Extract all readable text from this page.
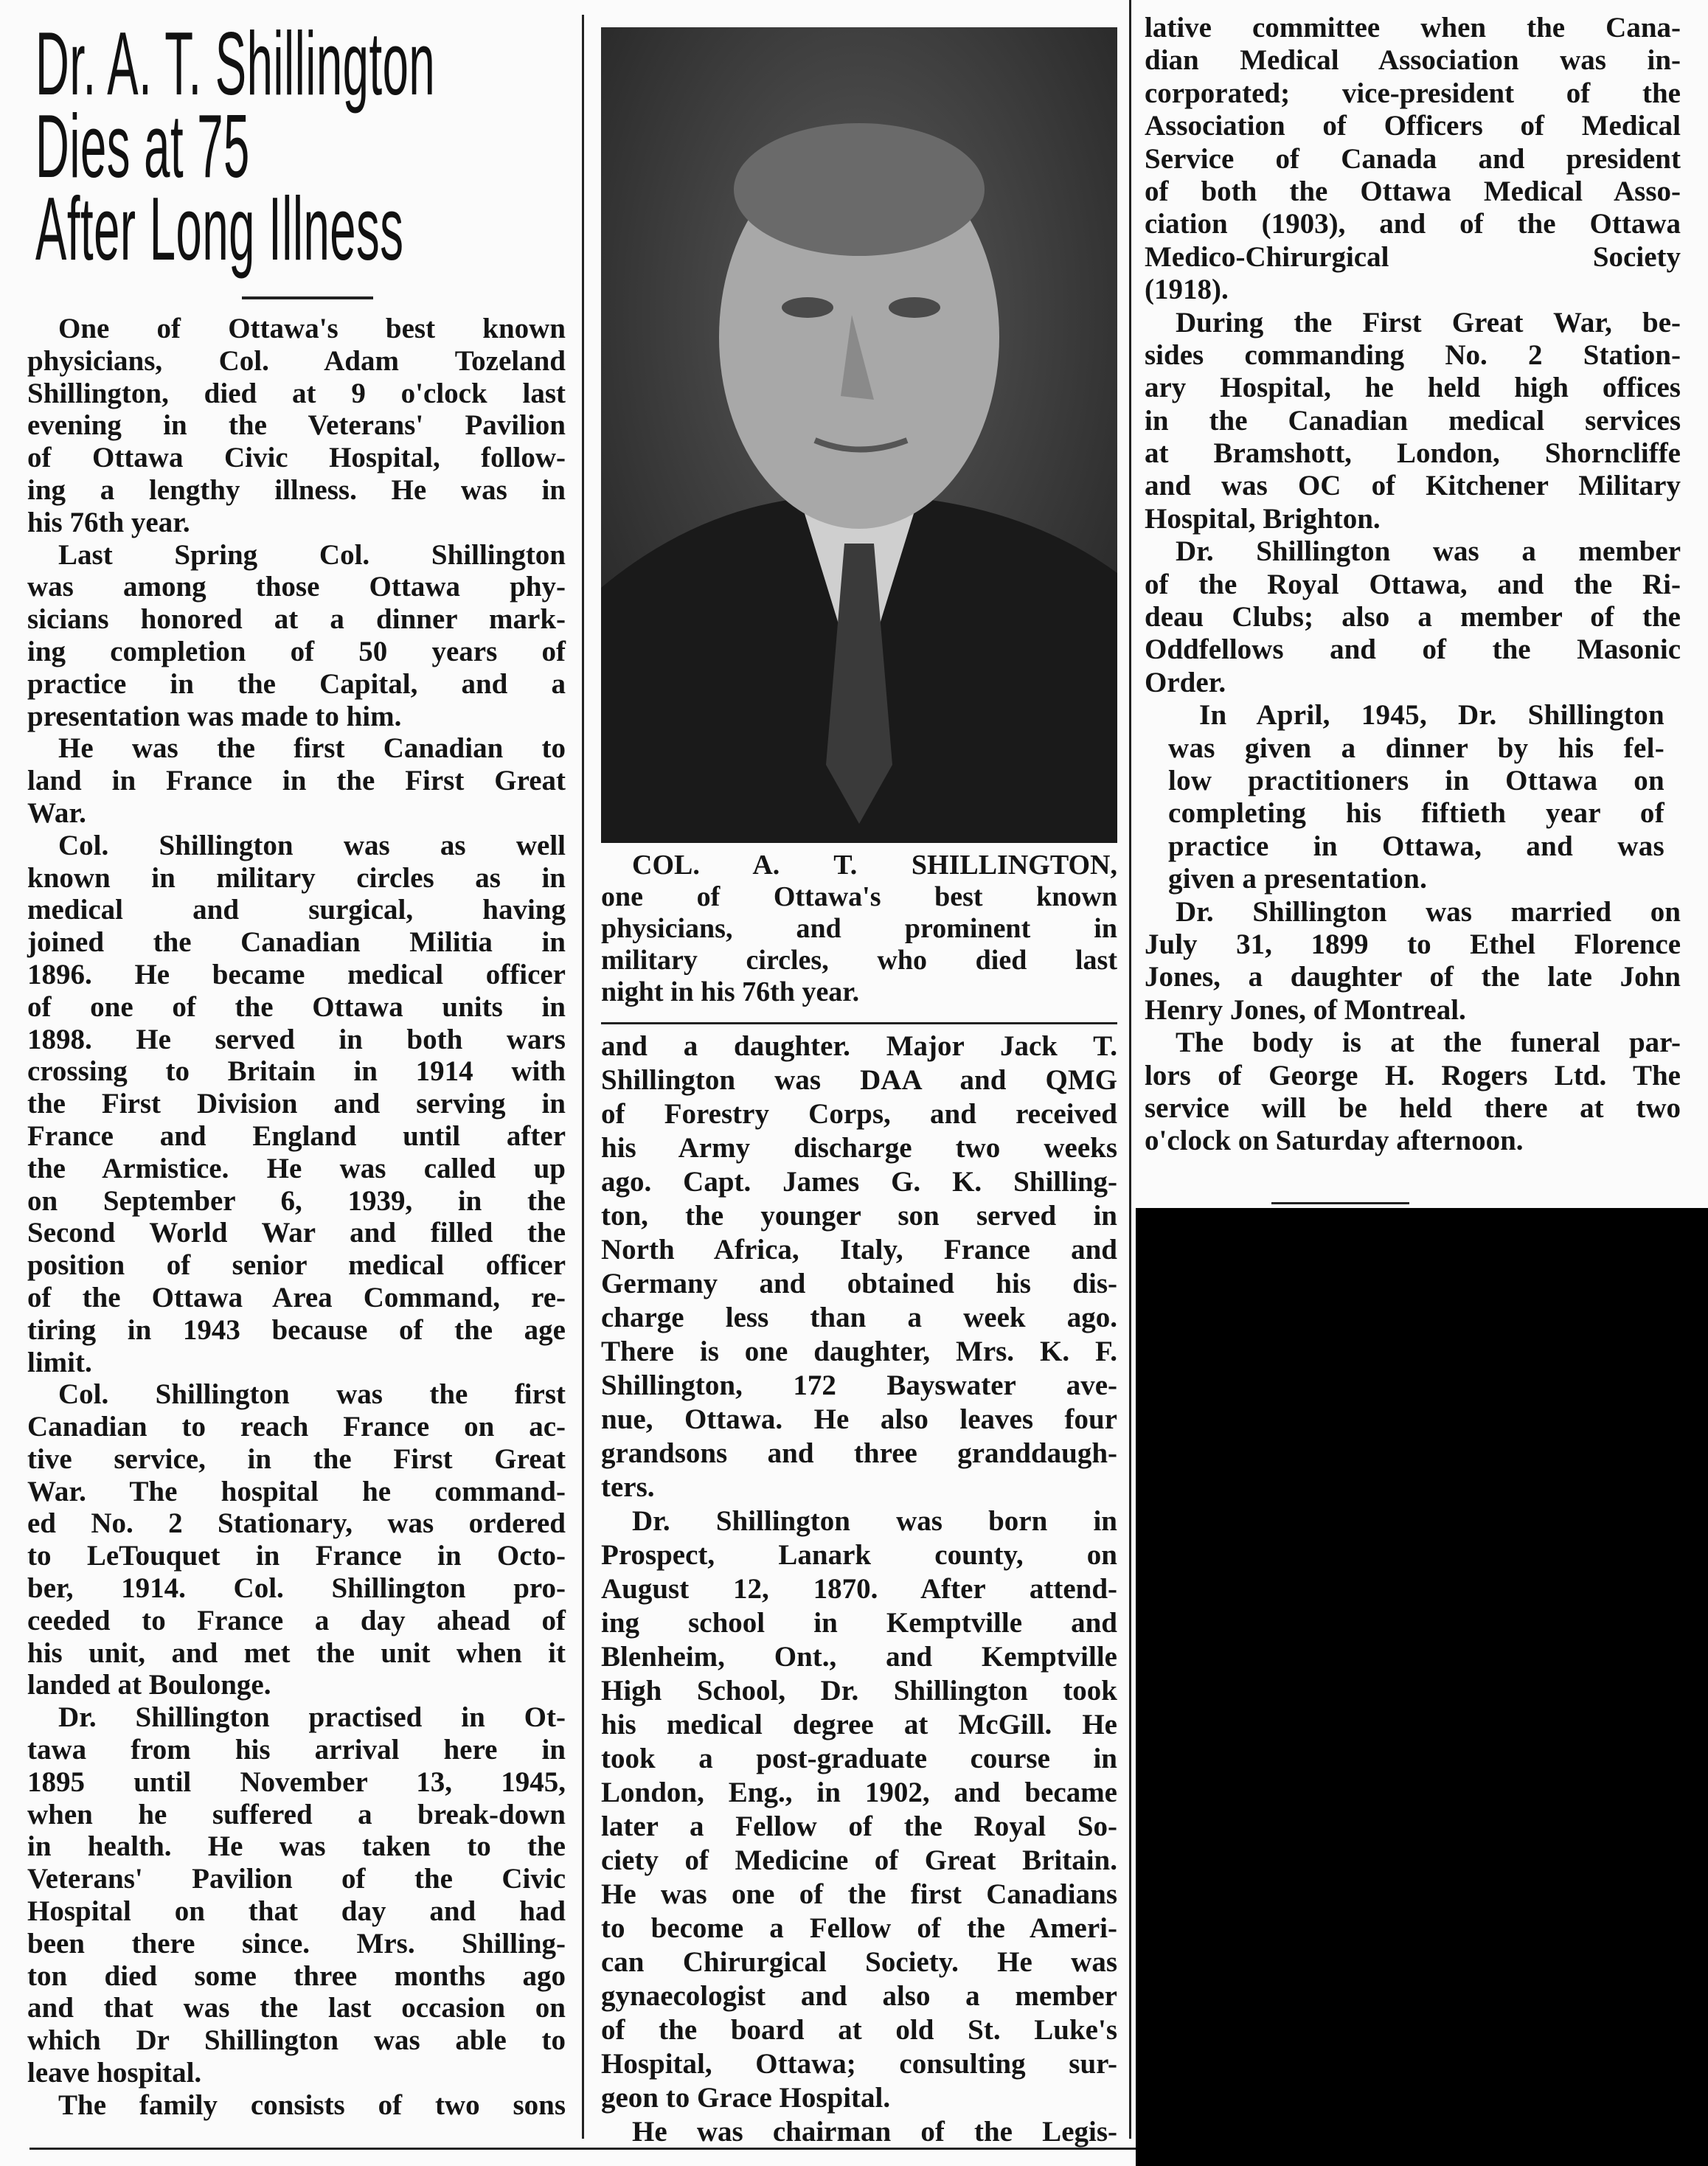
Dr. A. T. Shillington
Dies at 75
After Long Illness
One of Ottawa's best known
physicians, Col. Adam Tozeland
Shillington, died at 9 o'clock last
evening in the Veterans' Pavilion
of Ottawa Civic Hospital, follow-
ing a lengthy illness. He was in
his 76th year.
Last Spring Col. Shillington
was among those Ottawa phy-
sicians honored at a dinner mark-
ing completion of 50 years of
practice in the Capital, and a
presentation was made to him.
He was the first Canadian to
land in France in the First Great
War.
Col. Shillington was as well
known in military circles as in
medical and surgical, having
joined the Canadian Militia in
1896. He became medical officer
of one of the Ottawa units in
1898. He served in both wars
crossing to Britain in 1914 with
the First Division and serving in
France and England until after
the Armistice. He was called up
on September 6, 1939, in the
Second World War and filled the
position of senior medical officer
of the Ottawa Area Command, re-
tiring in 1943 because of the age
limit.
Col. Shillington was the first
Canadian to reach France on ac-
tive service, in the First Great
War. The hospital he command-
ed No. 2 Stationary, was ordered
to LeTouquet in France in Octo-
ber, 1914. Col. Shillington pro-
ceeded to France a day ahead of
his unit, and met the unit when it
landed at Boulonge.
Dr. Shillington practised in Ot-
tawa from his arrival here in
1895 until November 13, 1945,
when he suffered a break-down
in health. He was taken to the
Veterans' Pavilion of the Civic
Hospital on that day and had
been there since. Mrs. Shilling-
ton died some three months ago
and that was the last occasion on
which Dr Shillington was able to
leave hospital.
The family consists of two sons
COL. A. T. SHILLINGTON,
one of Ottawa's best known
physicians, and prominent in
military circles, who died last
night in his 76th year.
and a daughter. Major Jack T.
Shillington was DAA and QMG
of Forestry Corps, and received
his Army discharge two weeks
ago. Capt. James G. K. Shilling-
ton, the younger son served in
North Africa, Italy, France and
Germany and obtained his dis-
charge less than a week ago.
There is one daughter, Mrs. K. F.
Shillington, 172 Bayswater ave-
nue, Ottawa. He also leaves four
grandsons and three granddaugh-
ters.
Dr. Shillington was born in
Prospect, Lanark county, on
August 12, 1870. After attend-
ing school in Kemptville and
Blenheim, Ont., and Kemptville
High School, Dr. Shillington took
his medical degree at McGill. He
took a post-graduate course in
London, Eng., in 1902, and became
later a Fellow of the Royal So-
ciety of Medicine of Great Britain.
He was one of the first Canadians
to become a Fellow of the Ameri-
can Chirurgical Society. He was
gynaecologist and also a member
of the board at old St. Luke's
Hospital, Ottawa; consulting sur-
geon to Grace Hospital.
He was chairman of the Legis-
lative committee when the Cana-
dian Medical Association was in-
corporated; vice-president of the
Association of Officers of Medical
Service of Canada and president
of both the Ottawa Medical Asso-
ciation (1903), and of the Ottawa
Medico-Chirurgical Society
(1918).
During the First Great War, be-
sides commanding No. 2 Station-
ary Hospital, he held high offices
in the Canadian medical services
at Bramshott, London, Shorncliffe
and was OC of Kitchener Military
Hospital, Brighton.
Dr. Shillington was a member
of the Royal Ottawa, and the Ri-
deau Clubs; also a member of the
Oddfellows and of the Masonic
Order.
In April, 1945, Dr. Shillington
was given a dinner by his fel-
low practitioners in Ottawa on
completing his fiftieth year of
practice in Ottawa, and was
given a presentation.
Dr. Shillington was married on
July 31, 1899 to Ethel Florence
Jones, a daughter of the late John
Henry Jones, of Montreal.
The body is at the funeral par-
lors of George H. Rogers Ltd. The
service will be held there at two
o'clock on Saturday afternoon.
